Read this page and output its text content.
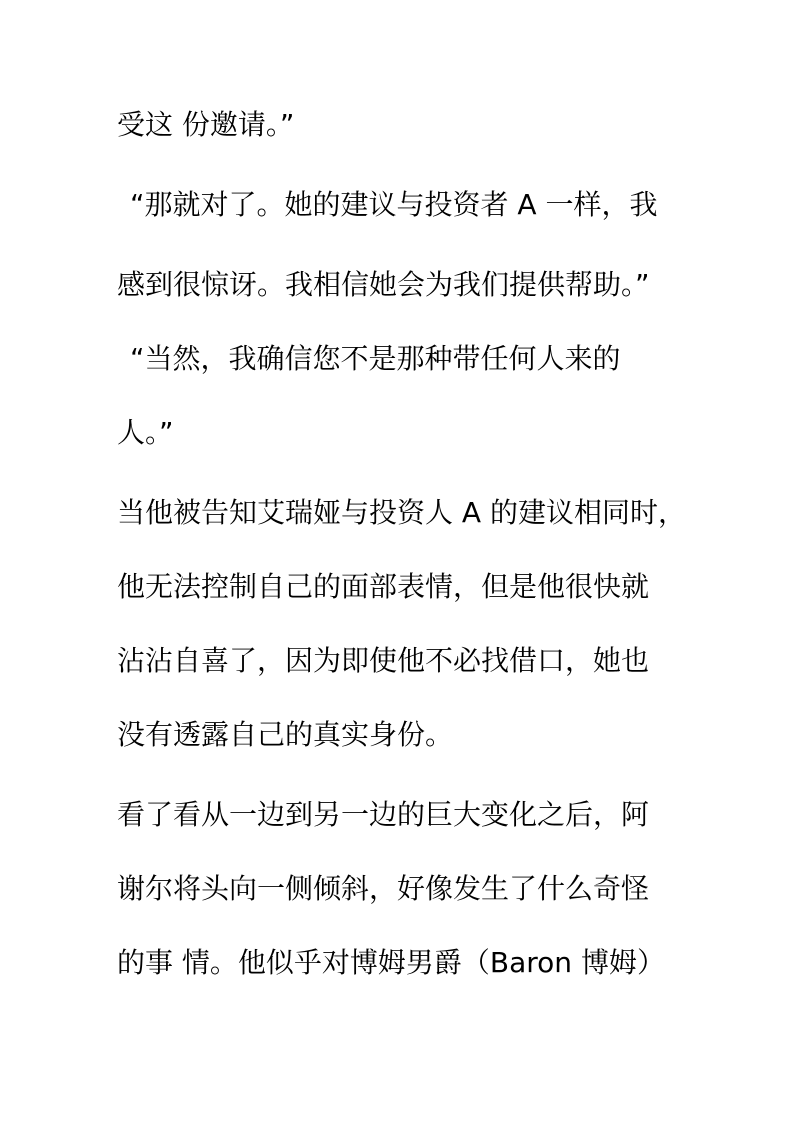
受这 份邀请。”
“那就对了。她的建议与投资者 A 一样，我
感到很惊讶。我相信她会为我们提供帮助。”
“当然，我确信您不是那种带任何人来的
人。”
当他被告知艾瑞娅与投资人 A 的建议相同时，
他无法控制自己的面部表情，但是他很快就
沾沾自喜了，因为即使他不必找借口，她也
没有透露自己的真实身份。
看了看从一边到另一边的巨大变化之后，阿
谢尔将头向一侧倾斜，好像发生了什么奇怪
的事 情。他似乎对博姆男爵（Baron 博姆）
